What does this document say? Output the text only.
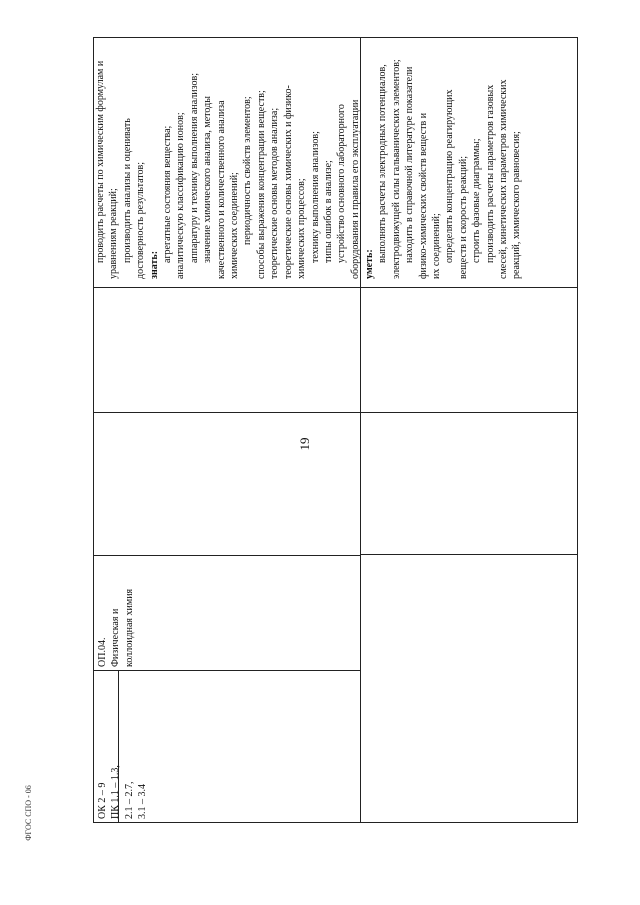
19
ФГОС СПО - 06	ОК 2 – 9 ПК 1.1 – 1.3, 2.1 – 2.7, 3.1 – 3.4
ОП.04. Физическая и коллоидная химия
проводить расчеты по химическим формулам и уравнениям реакций; производить анализы и оценивать достоверность результатов; знать:
агрегатные состояния вещества; аналитическую классификацию ионов; аппаратуру и технику выполнения анализов; значение химического анализа, методы качественного и количественного анализа химических соединений; периодичность свойств элементов; способы выражения концентрации веществ; теоретические основы методов анализа; теоретические основы химических и физико- химических процессов; технику выполнения анализов; типы ошибок в анализе; устройство основного лабораторного оборудования и правила его эксплуатации уметь:
выполнять расчеты электродных потенциалов, электродвижущей силы гальванических элементов; находить в справочной литературе показатели физико-химических свойств веществ и их соединений; определять концентрацию реагирующих веществ и скорость реакций; строить фазовые диаграммы; производить расчеты параметров газовых смесей, кинетических параметров химических реакций, химического равновесия;
